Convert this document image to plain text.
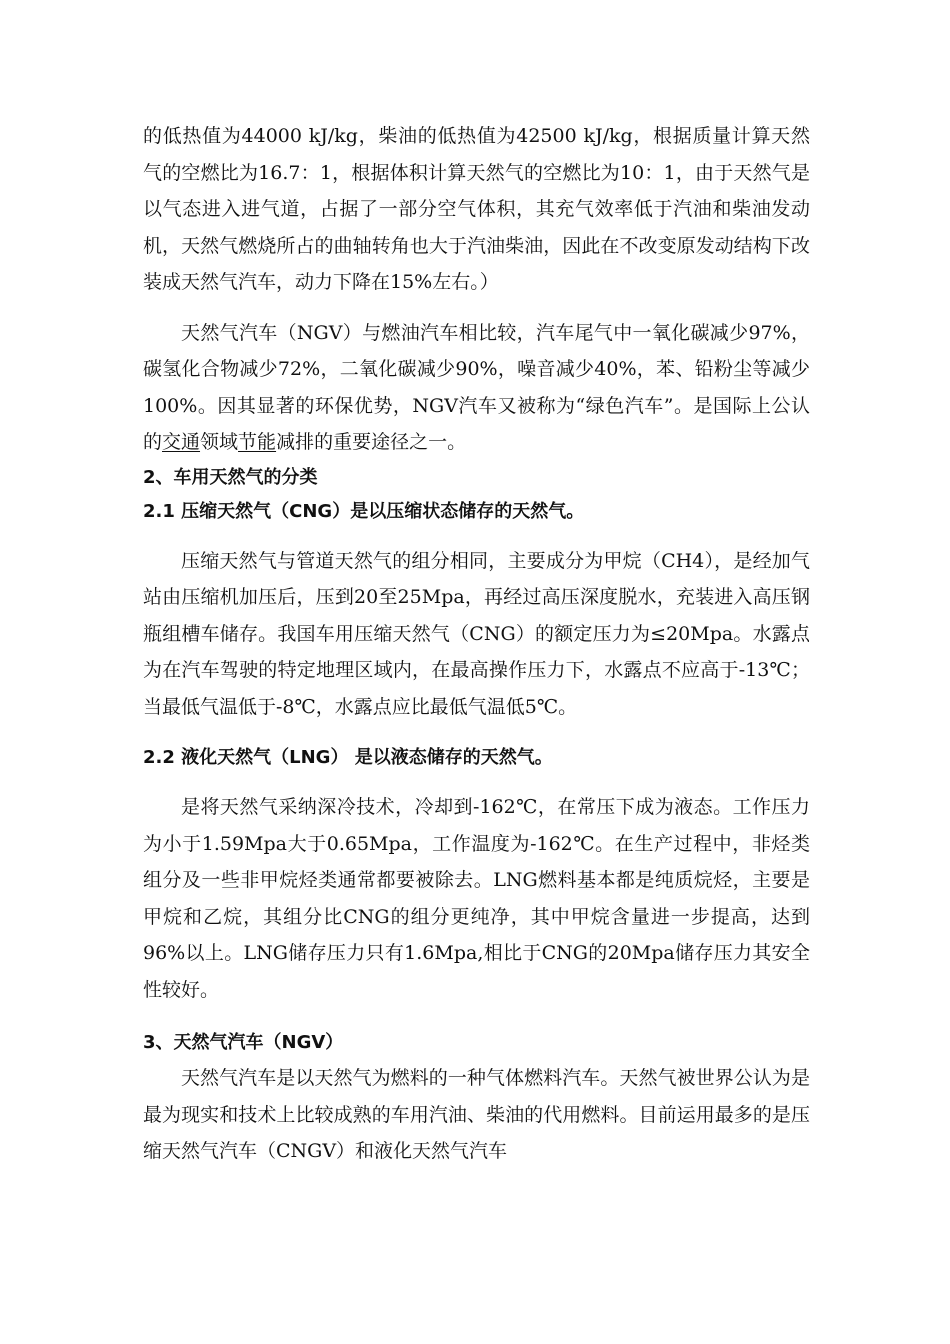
的低热值为44000 kJ/kg，柴油的低热值为42500 kJ/kg，根据质量计算天然气的空燃比为16.7：1，根据体积计算天然气的空燃比为10：1，由于天然气是以气态进入进气道，占据了一部分空气体积，其充气效率低于汽油和柴油发动机，天然气燃烧所占的曲轴转角也大于汽油柴油，因此在不改变原发动结构下改装成天然气汽车，动力下降在15%左右。）

天然气汽车（NGV）与燃油汽车相比较，汽车尾气中一氧化碳减少97%，碳氢化合物减少72%，二氧化碳减少90%，噪音减少40%，苯、铅粉尘等减少100%。因其显著的环保优势，NGV汽车又被称为“绿色汽车”。是国际上公认的交通领域节能减排的重要途径之一。

2、车用天然气的分类
2.1 压缩天然气（CNG）是以压缩状态储存的天然气。

压缩天然气与管道天然气的组分相同，主要成分为甲烷（CH4），是经加气站由压缩机加压后，压到20至25Mpa，再经过高压深度脱水，充装进入高压钢瓶组槽车储存。我国车用压缩天然气（CNG）的额定压力为≤20Mpa。水露点为在汽车驾驶的特定地理区域内，在最高操作压力下，水露点不应高于-13℃；当最低气温低于-8℃，水露点应比最低气温低5℃。

2.2 液化天然气（LNG） 是以液态储存的天然气。

是将天然气采纳深冷技术，冷却到-162℃，在常压下成为液态。工作压力为小于1.59Mpa大于0.65Mpa，工作温度为-162℃。在生产过程中，非烃类组分及一些非甲烷烃类通常都要被除去。LNG燃料基本都是纯质烷烃，主要是甲烷和乙烷，其组分比CNG的组分更纯净，其中甲烷含量进一步提高，达到96%以上。LNG储存压力只有1.6Mpa,相比于CNG的20Mpa储存压力其安全性较好。

3、天然气汽车（NGV）

天然气汽车是以天然气为燃料的一种气体燃料汽车。天然气被世界公认为是最为现实和技术上比较成熟的车用汽油、柴油的代用燃料。目前运用最多的是压缩天然气汽车（CNGV）和液化天然气汽车
